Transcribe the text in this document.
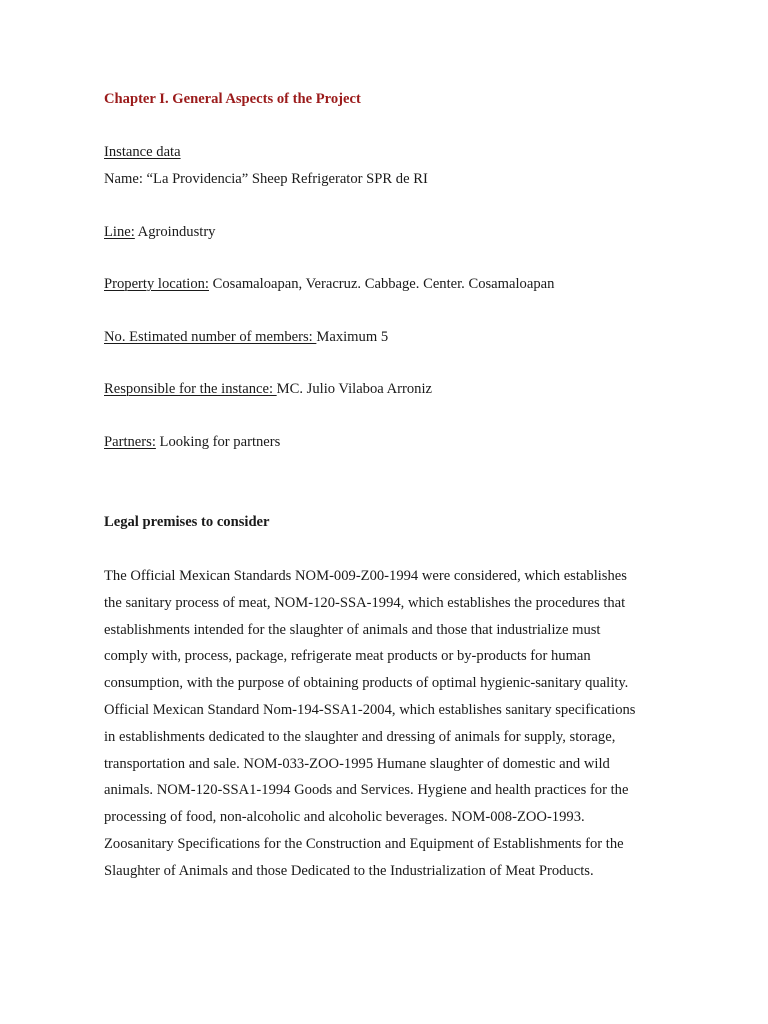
Chapter I. General Aspects of the Project
Instance data
Name: “La Providencia” Sheep Refrigerator SPR de RI
Line: Agroindustry
Property location: Cosamaloapan, Veracruz. Cabbage. Center. Cosamaloapan
No. Estimated number of members: Maximum 5
Responsible for the instance: MC. Julio Vilaboa Arroniz
Partners: Looking for partners
Legal premises to consider
The Official Mexican Standards NOM-009-Z00-1994 were considered, which establishes
the sanitary process of meat, NOM-120-SSA-1994, which establishes the procedures that
establishments intended for the slaughter of animals and those that industrialize must
comply with, process, package, refrigerate meat products or by-products for human
consumption, with the purpose of obtaining products of optimal hygienic-sanitary quality.
Official Mexican Standard Nom-194-SSA1-2004, which establishes sanitary specifications
in establishments dedicated to the slaughter and dressing of animals for supply, storage,
transportation and sale. NOM-033-ZOO-1995 Humane slaughter of domestic and wild
animals. NOM-120-SSA1-1994 Goods and Services. Hygiene and health practices for the
processing of food, non-alcoholic and alcoholic beverages. NOM-008-ZOO-1993.
Zoosanitary Specifications for the Construction and Equipment of Establishments for the
Slaughter of Animals and those Dedicated to the Industrialization of Meat Products.
